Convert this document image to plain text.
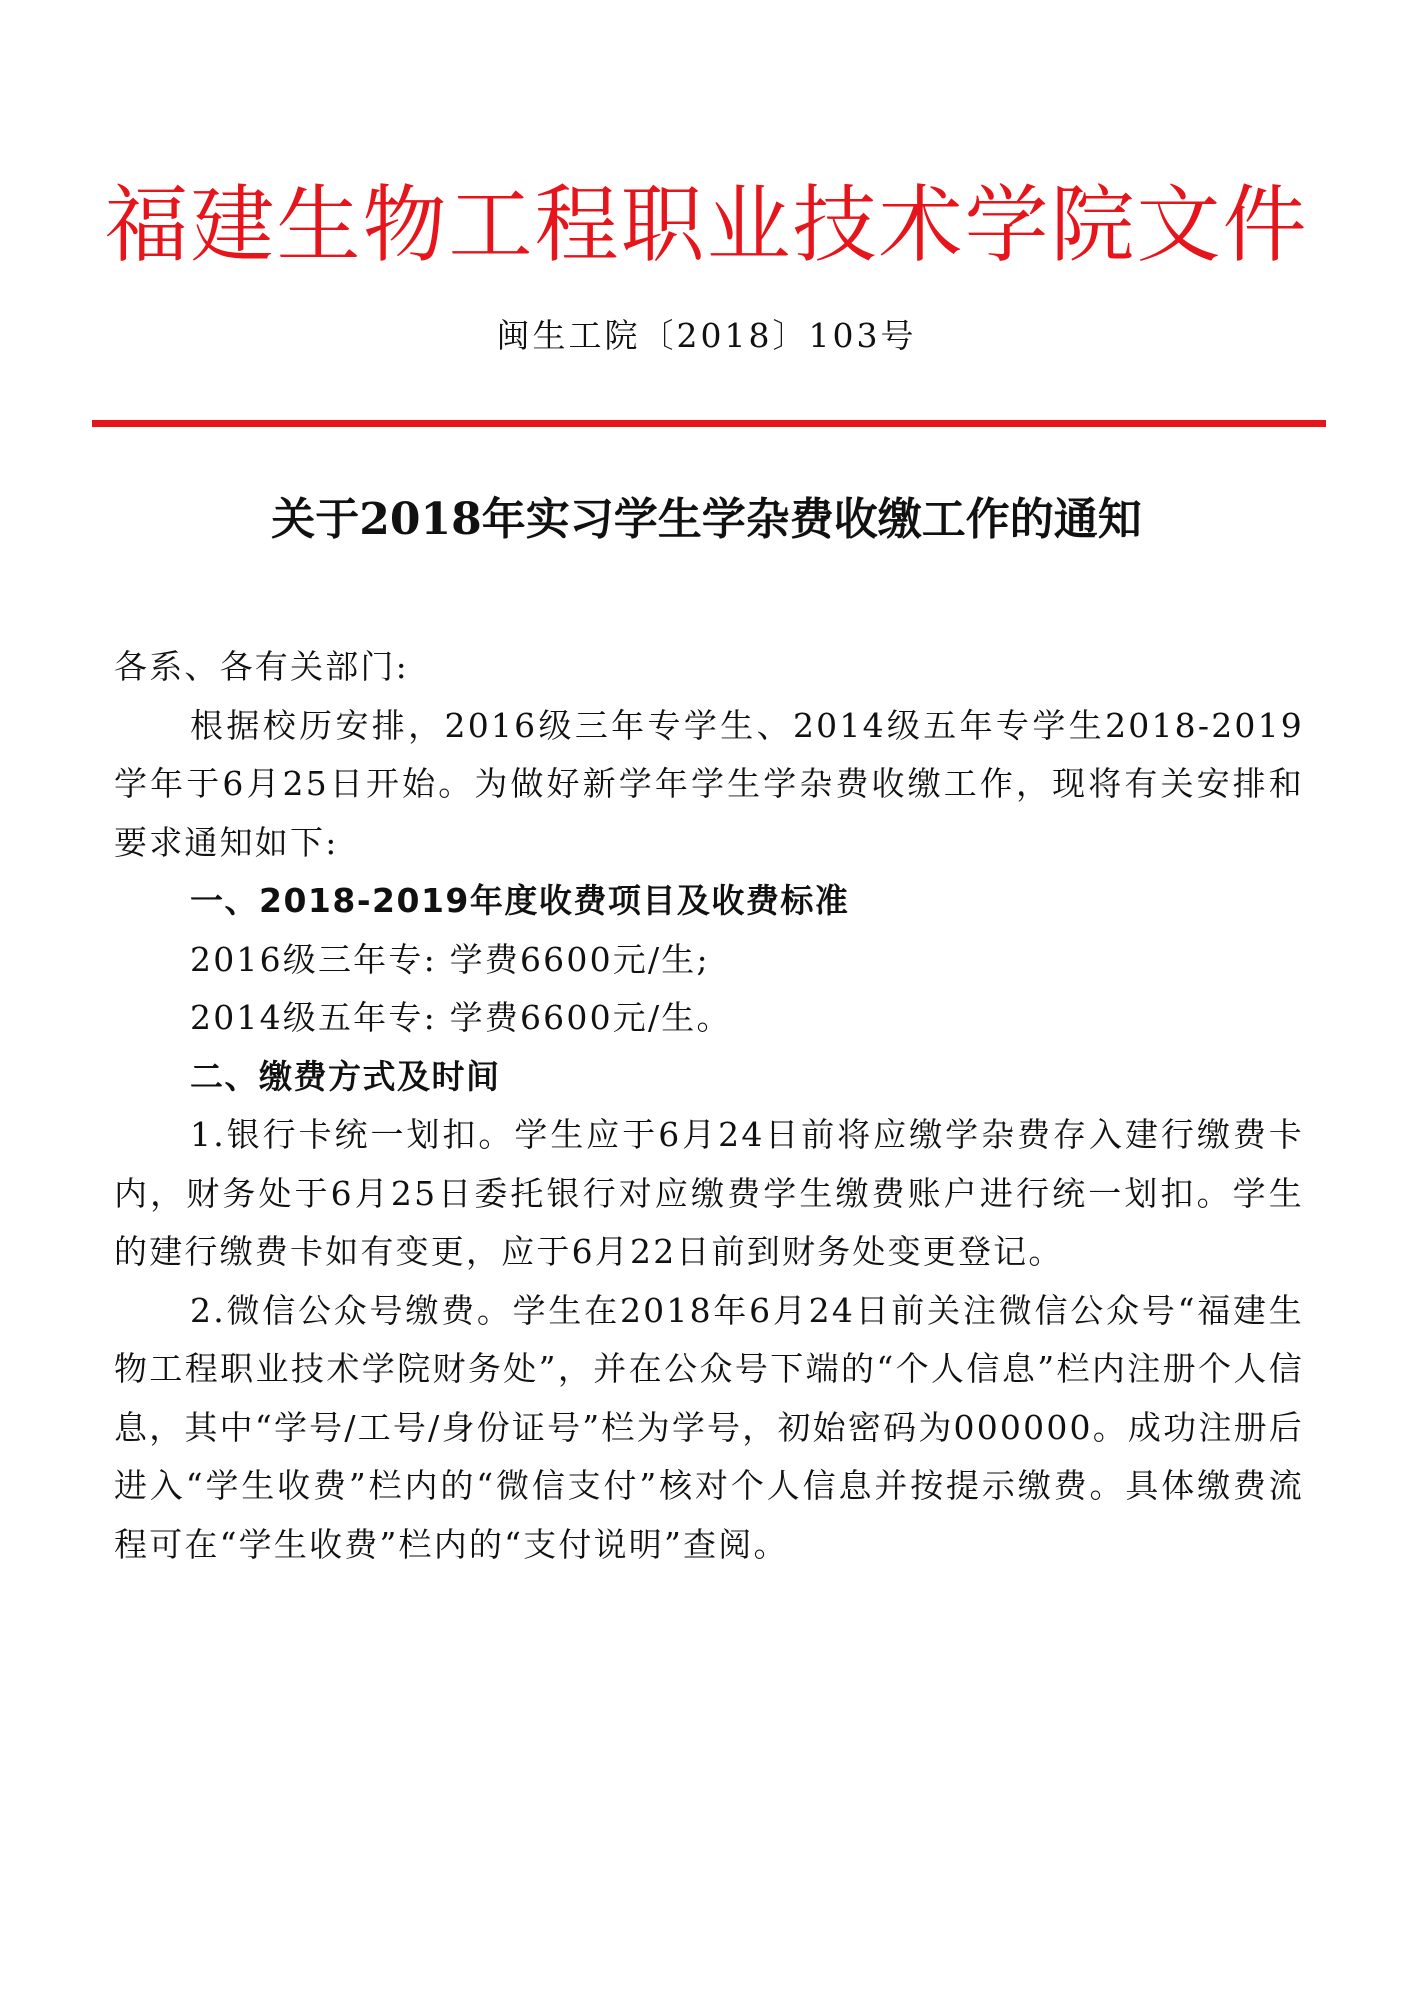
福建生物工程职业技术学院文件
闽生工院〔2018〕103号
关于2018年实习学生学杂费收缴工作的通知

各系、各有关部门:

根据校历安排，2016级三年专学生、2014级五年专学生2018-2019学年于6月25日开始。为做好新学年学生学杂费收缴工作，现将有关安排和要求通知如下:

一、2018-2019年度收费项目及收费标准

2016级三年专: 学费6600元/生;

2014级五年专: 学费6600元/生。

二、缴费方式及时间

1.银行卡统一划扣。学生应于6月24日前将应缴学杂费存入建行缴费卡内，财务处于6月25日委托银行对应缴费学生缴费账户进行统一划扣。学生的建行缴费卡如有变更，应于6月22日前到财务处变更登记。

2.微信公众号缴费。学生在2018年6月24日前关注微信公众号“福建生物工程职业技术学院财务处”，并在公众号下端的“个人信息”栏内注册个人信息，其中“学号/工号/身份证号”栏为学号，初始密码为000000。成功注册后进入“学生收费”栏内的“微信支付”核对个人信息并按提示缴费。具体缴费流程可在“学生收费”栏内的“支付说明”查阅。
